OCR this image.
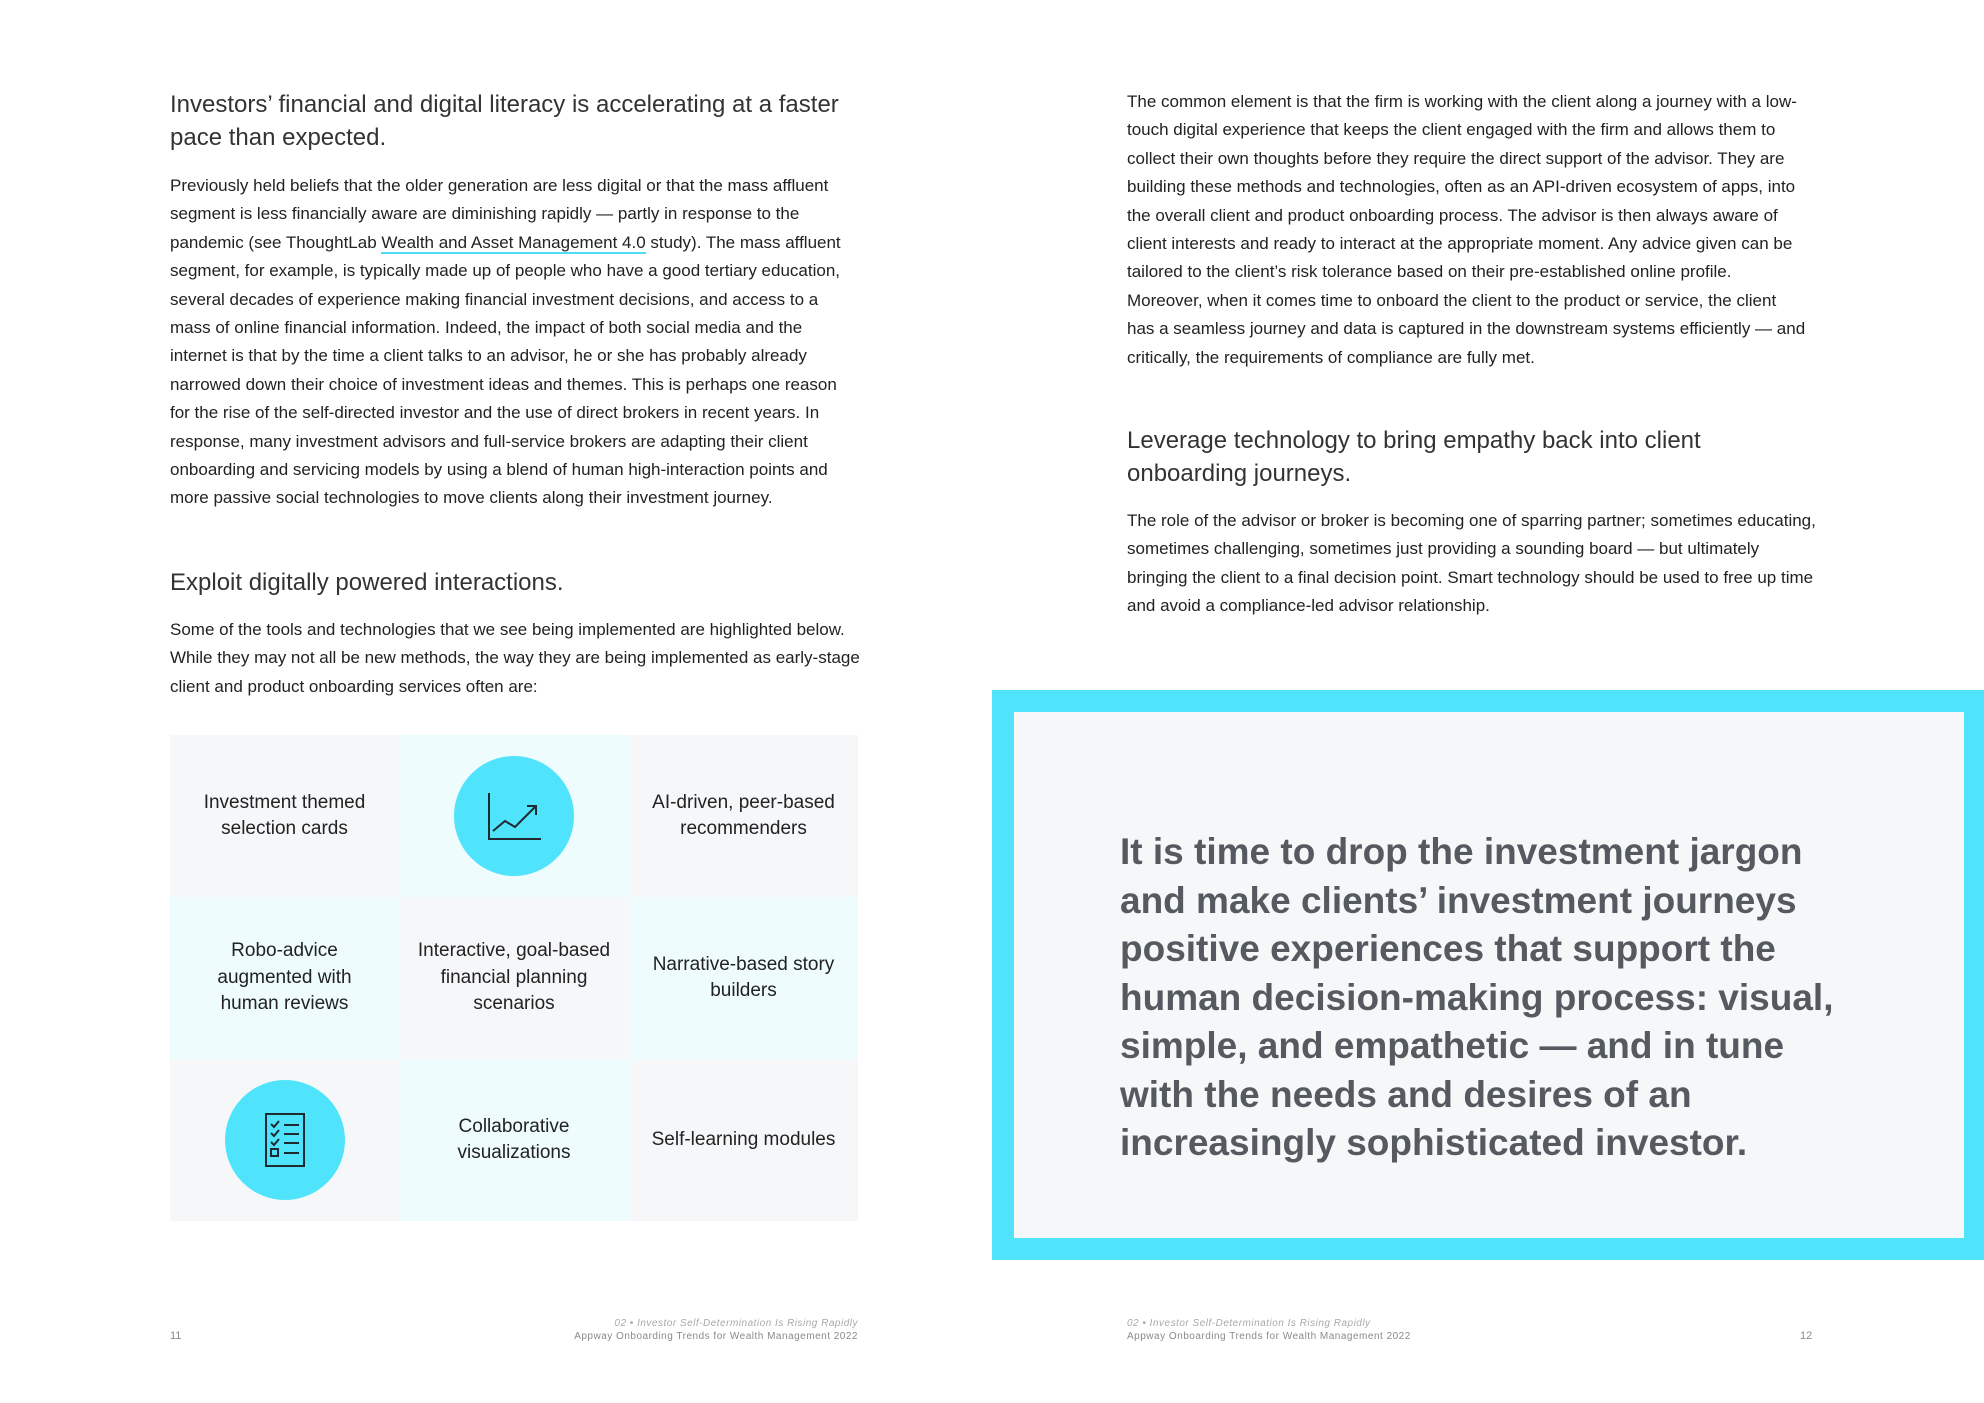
Investors’ financial and digital literacy is accelerating at a faster pace than expected.

Previously held beliefs that the older generation are less digital or that the mass affluent segment is less financially aware are diminishing rapidly — partly in response to the pandemic (see ThoughtLab Wealth and Asset Management 4.0 study). The mass affluent segment, for example, is typically made up of people who have a good tertiary education, several decades of experience making financial investment decisions, and access to a mass of online financial information. Indeed, the impact of both social media and the internet is that by the time a client talks to an advisor, he or she has probably already narrowed down their choice of investment ideas and themes. This is perhaps one reason for the rise of the self-directed investor and the use of direct brokers in recent years. In response, many investment advisors and full-service brokers are adapting their client onboarding and servicing models by using a blend of human high-interaction points and more passive social technologies to move clients along their investment journey.

Exploit digitally powered interactions.

Some of the tools and technologies that we see being implemented are highlighted below. While they may not all be new methods, the way they are being implemented as early-stage client and product onboarding services often are:

Investment themed selection cards
AI-driven, peer-based recommenders
Robo-advice augmented with human reviews
Interactive, goal-based financial planning scenarios
Narrative-based story builders
Collaborative visualizations
Self-learning modules
11
02 • Investor Self-Determination Is Rising Rapidly
Appway Onboarding Trends for Wealth Management 2022

The common element is that the firm is working with the client along a journey with a low-touch digital experience that keeps the client engaged with the firm and allows them to collect their own thoughts before they require the direct support of the advisor. They are building these methods and technologies, often as an API-driven ecosystem of apps, into the overall client and product onboarding process. The advisor is then always aware of client interests and ready to interact at the appropriate moment. Any advice given can be tailored to the client’s risk tolerance based on their pre-established online profile. Moreover, when it comes time to onboard the client to the product or service, the client has a seamless journey and data is captured in the downstream systems efficiently — and critically, the requirements of compliance are fully met.

Leverage technology to bring empathy back into client onboarding journeys.

The role of the advisor or broker is becoming one of sparring partner; sometimes educating, sometimes challenging, sometimes just providing a sounding board — but ultimately bringing the client to a final decision point. Smart technology should be used to free up time and avoid a compliance-led advisor relationship.

It is time to drop the investment jargon and make clients’ investment journeys positive experiences that support the human decision-making process: visual, simple, and empathetic — and in tune with the needs and desires of an increasingly sophisticated investor.

02 • Investor Self-Determination Is Rising Rapidly
Appway Onboarding Trends for Wealth Management 2022	12
